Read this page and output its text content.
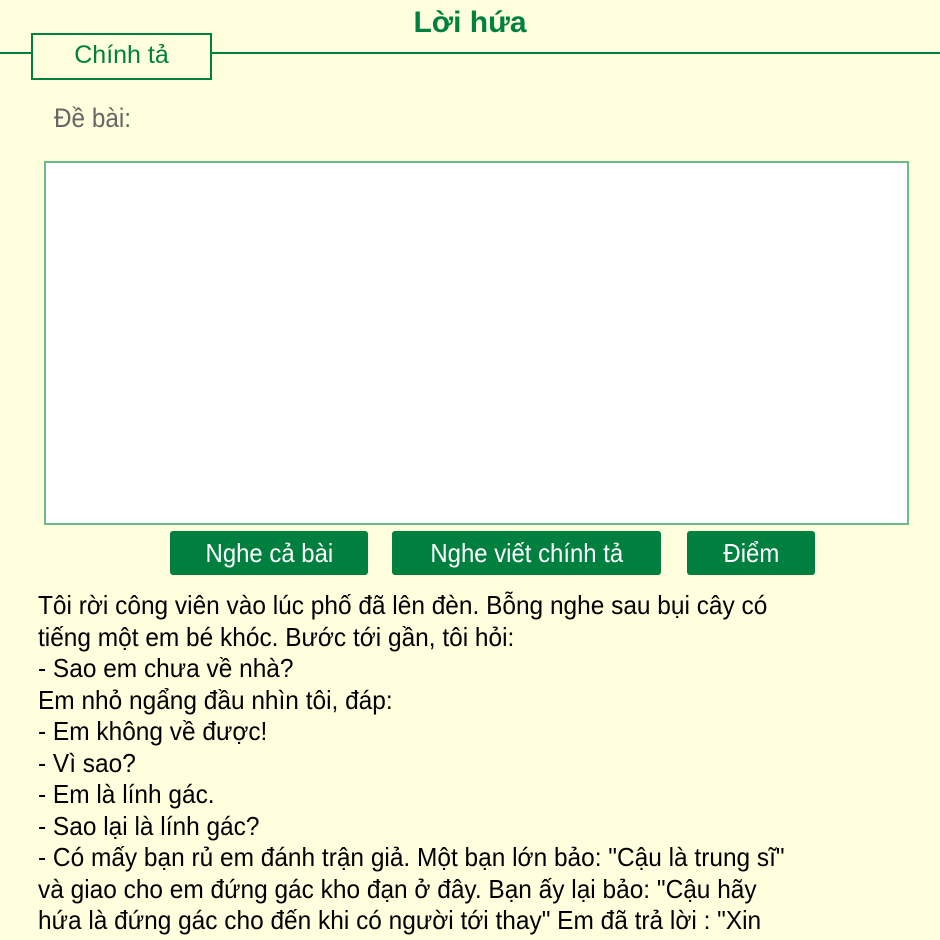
Lời hứa
Chính tả
Đề bài:
Nghe cả bài	Nghe viết chính tả	Điểm
Tôi rời công viên vào lúc phố đã lên đèn. Bỗng nghe sau bụi cây có
tiếng một em bé khóc. Bước tới gần, tôi hỏi:
- Sao em chưa về nhà?
Em nhỏ ngẩng đầu nhìn tôi, đáp:
- Em không về được!
- Vì sao?
- Em là lính gác.
- Sao lại là lính gác?
- Có mấy bạn rủ em đánh trận giả. Một bạn lớn bảo: "Cậu là trung sĩ"
và giao cho em đứng gác kho đạn ở đây. Bạn ấy lại bảo: "Cậu hãy
hứa là đứng gác cho đến khi có người tới thay" Em đã trả lời : "Xin
